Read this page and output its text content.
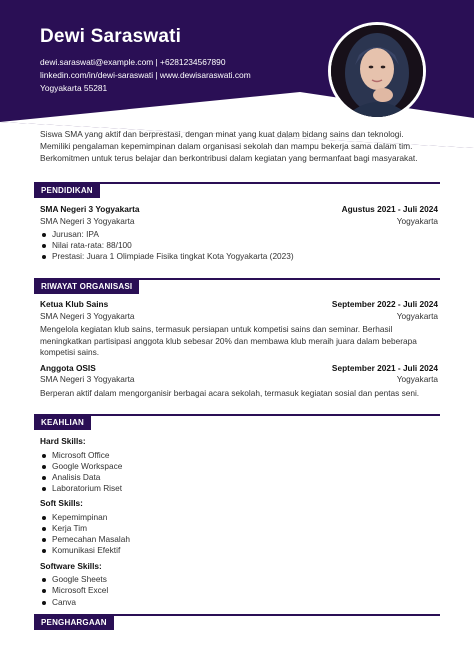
Dewi Saraswati
dewi.saraswati@example.com | +6281234567890
linkedin.com/in/dewi-saraswati | www.dewisaraswati.com
Yogyakarta 55281
Siswa SMA yang aktif dan berprestasi, dengan minat yang kuat dalam bidang sains dan teknologi. Memiliki pengalaman kepemimpinan dalam organisasi sekolah dan mampu bekerja sama dalam tim. Berkomitmen untuk terus belajar dan berkontribusi dalam kegiatan yang bermanfaat bagi masyarakat.
PENDIDIKAN
SMA Negeri 3 Yogyakarta	Agustus 2021 - Juli 2024
SMA Negeri 3 Yogyakarta	Yogyakarta
Jurusan: IPA
Nilai rata-rata: 88/100
Prestasi: Juara 1 Olimpiade Fisika tingkat Kota Yogyakarta (2023)
RIWAYAT ORGANISASI
Ketua Klub Sains	September 2022 - Juli 2024
SMA Negeri 3 Yogyakarta	Yogyakarta
Mengelola kegiatan klub sains, termasuk persiapan untuk kompetisi sains dan seminar. Berhasil meningkatkan partisipasi anggota klub sebesar 20% dan membawa klub meraih juara dalam beberapa kompetisi sains.
Anggota OSIS	September 2021 - Juli 2024
SMA Negeri 3 Yogyakarta	Yogyakarta
Berperan aktif dalam mengorganisir berbagai acara sekolah, termasuk kegiatan sosial dan pentas seni.
KEAHLIAN
Hard Skills:
Microsoft Office
Google Workspace
Analisis Data
Laboratorium Riset
Soft Skills:
Kepemimpinan
Kerja Tim
Pemecahan Masalah
Komunikasi Efektif
Software Skills:
Google Sheets
Microsoft Excel
Canva
PENGHARGAAN
